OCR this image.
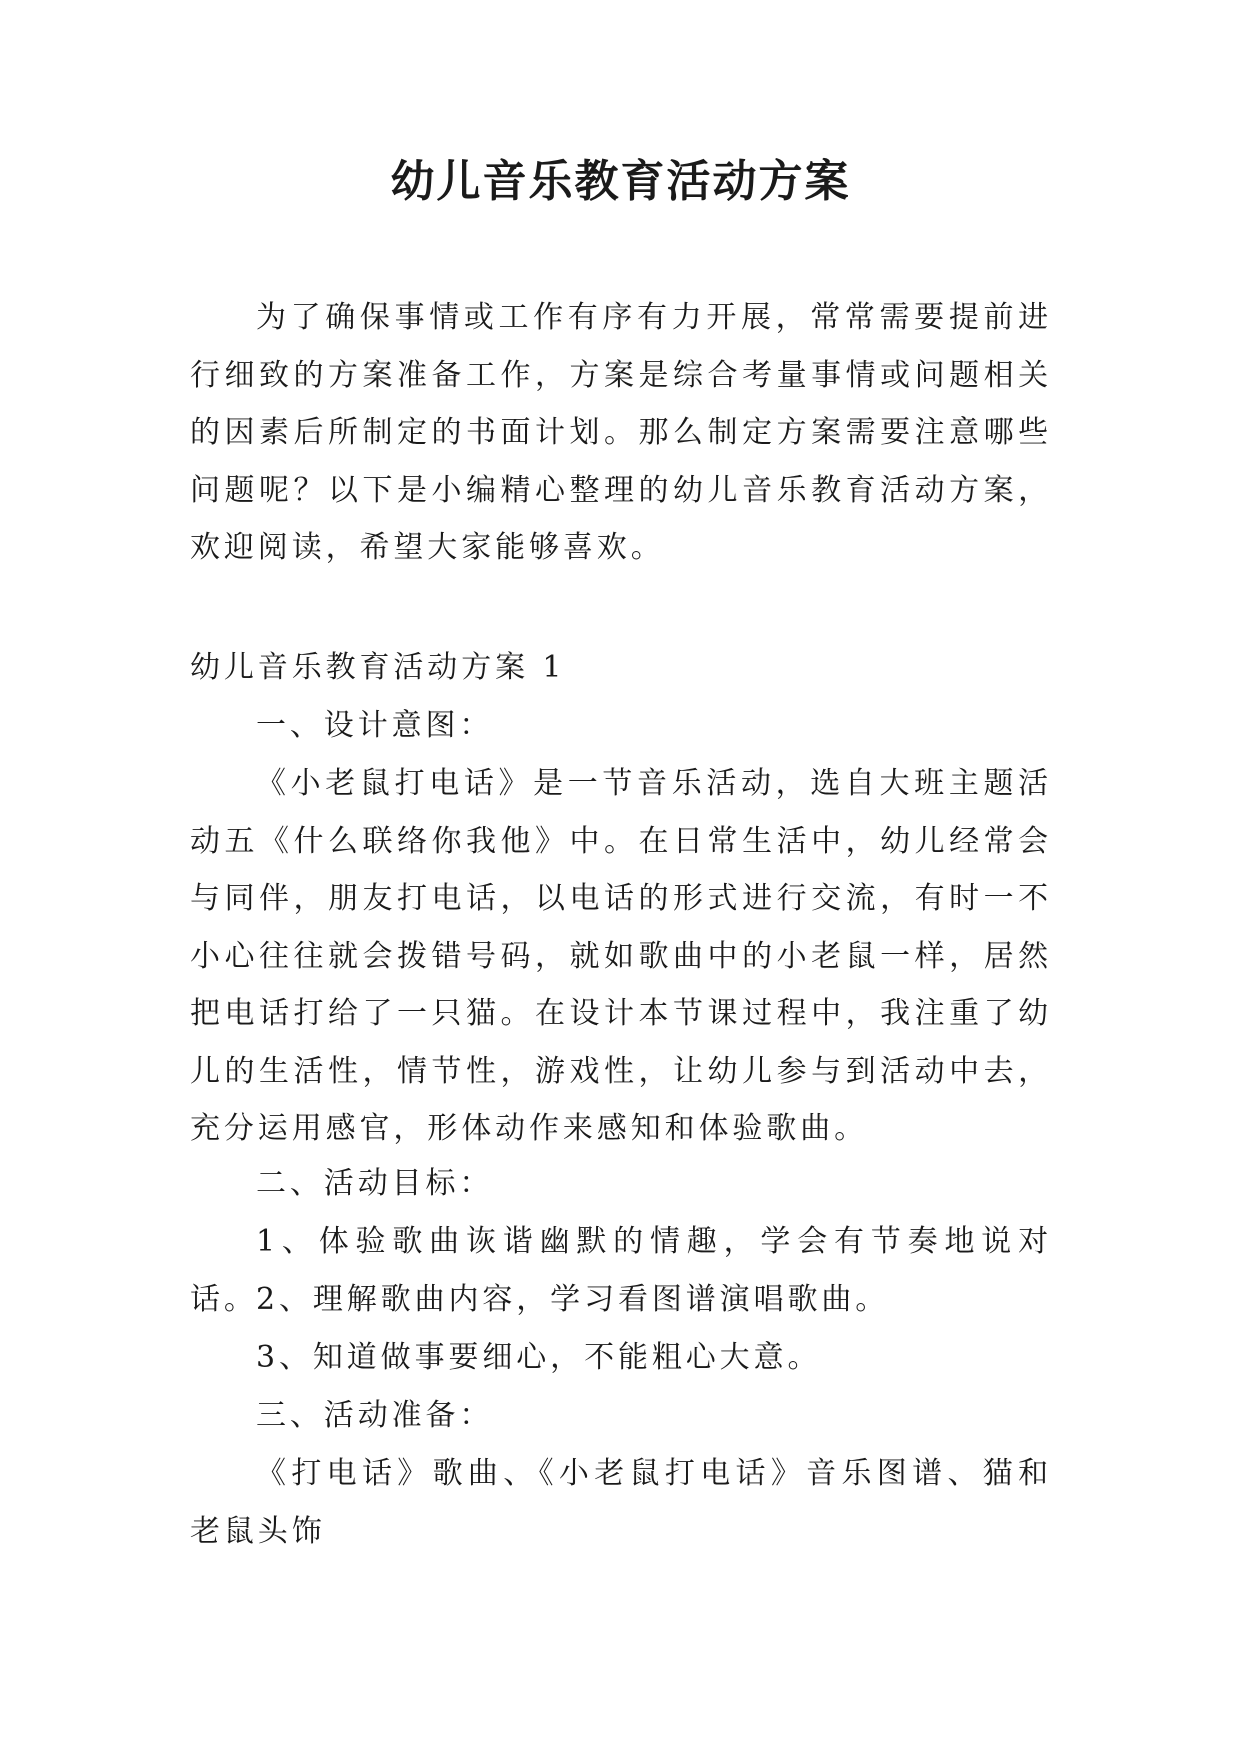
幼儿音乐教育活动方案

为了确保事情或工作有序有力开展，常常需要提前进行细致的方案准备工作，方案是综合考量事情或问题相关的因素后所制定的书面计划。那么制定方案需要注意哪些问题呢？以下是小编精心整理的幼儿音乐教育活动方案，欢迎阅读，希望大家能够喜欢。

幼儿音乐教育活动方案 1

一、设计意图：

《小老鼠打电话》是一节音乐活动，选自大班主题活动五《什么联络你我他》中。在日常生活中，幼儿经常会与同伴，朋友打电话，以电话的形式进行交流，有时一不小心往往就会拨错号码，就如歌曲中的小老鼠一样，居然把电话打给了一只猫。在设计本节课过程中，我注重了幼儿的生活性，情节性，游戏性，让幼儿参与到活动中去，充分运用感官，形体动作来感知和体验歌曲。

二、活动目标：

1、体验歌曲诙谐幽默的情趣，学会有节奏地说对话。

2、理解歌曲内容，学习看图谱演唱歌曲。

3、知道做事要细心，不能粗心大意。

三、活动准备：

《打电话》歌曲、《小老鼠打电话》音乐图谱、猫和老鼠头饰
